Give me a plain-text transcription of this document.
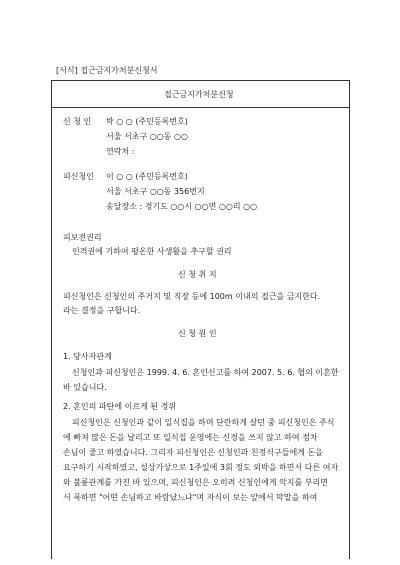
[서식] 접근금지가처분신청서
접근금지가처분신청
신 청 인 박 ○ ○ (주민등록번호)
서울 서초구 ○○동 ○○
연락처 :
피신청인 이 ○ ○ (주민등록번호)
서울 서초구 ○○동 356번지
송달장소 : 경기도 ○○시 ○○면 ○○리 ○○
피보전권리
인격권에 기하여 평온한 사생활을 추구할 권리
신 청 취 지
피신청인은 신청인의 주거지 및 직장 등에 100m 이내의 접근을 금지한다.
라는 결정을 구합니다.
신 청 원 인
1. 당사자관계
신청인과 피신청인은 1999. 4. 6. 혼인신고를 하여 2007. 5. 6. 협의 이혼한
바 있습니다.
2. 혼인의 파탄에 이르게 된 경위
피신청인은 신청인과 같이 일식집을 하며 단란하게 살던 중 피신청인은 주식
에 빠져 많은 돈을 날리고 또 일식집 운영에는 신경을 쓰지 않고 하여 점차
손님이 줄고 하였습니다. 그리자 피신청인은 신청인과 친정식구들에게 돈을
요구하기 시작하였고, 설상가상으로 1주일에 3회 정도 외박을 하면서 다른 여자
와 불륜관계를 가진 바 있으며, 피신청인은 오히려 신청인에게 악지를 부리면
서 폭하면 "어떤 손님하고 바람났느냐"며 자식이 보는 앞에서 막말을 하여
